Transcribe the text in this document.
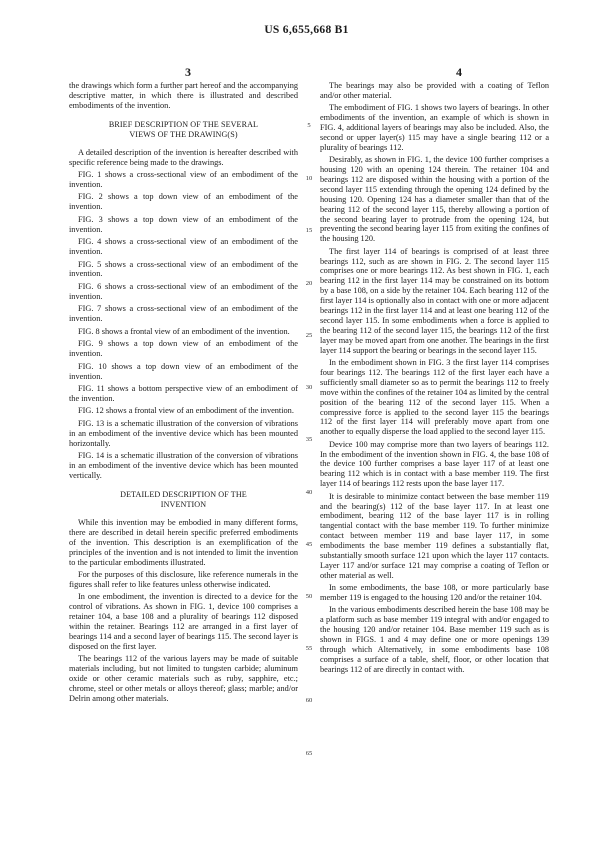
US 6,655,668 B1
3	4
5
10
15
20
25
30
35
40
45
50
55
60
65

the drawings which form a further part hereof and the accompanying descriptive matter, in which there is illustrated and described embodiments of the invention.

BRIEF DESCRIPTION OF THE SEVERAL
VIEWS OF THE DRAWING(S)

A detailed description of the invention is hereafter described with specific reference being made to the drawings.

FIG. 1 shows a cross-sectional view of an embodiment of the invention.

FIG. 2 shows a top down view of an embodiment of the invention.

FIG. 3 shows a top down view of an embodiment of the invention.

FIG. 4 shows a cross-sectional view of an embodiment of the invention.

FIG. 5 shows a cross-sectional view of an embodiment of the invention.

FIG. 6 shows a cross-sectional view of an embodiment of the invention.

FIG. 7 shows a cross-sectional view of an embodiment of the invention.

FIG. 8 shows a frontal view of an embodiment of the invention.

FIG. 9 shows a top down view of an embodiment of the invention.

FIG. 10 shows a top down view of an embodiment of the invention.

FIG. 11 shows a bottom perspective view of an embodiment of the invention.

FIG. 12 shows a frontal view of an embodiment of the invention.

FIG. 13 is a schematic illustration of the conversion of vibrations in an embodiment of the inventive device which has been mounted horizontally.

FIG. 14 is a schematic illustration of the conversion of vibrations in an embodiment of the inventive device which has been mounted vertically.

DETAILED DESCRIPTION OF THE
INVENTION

While this invention may be embodied in many different forms, there are described in detail herein specific preferred embodiments of the invention. This description is an exemplification of the principles of the invention and is not intended to limit the invention to the particular embodiments illustrated.

For the purposes of this disclosure, like reference numerals in the figures shall refer to like features unless otherwise indicated.

In one embodiment, the invention is directed to a device for the control of vibrations. As shown in FIG. 1, device 100 comprises a retainer 104, a base 108 and a plurality of bearings 112 disposed within the retainer. Bearings 112 are arranged in a first layer of bearings 114 and a second layer of bearings 115. The second layer is disposed on the first layer.

The bearings 112 of the various layers may be made of suitable materials including, but not limited to tungsten carbide; aluminum oxide or other ceramic materials such as ruby, sapphire, etc.; chrome, steel or other metals or alloys thereof; glass; marble; and/or Delrin among other materials.

The bearings may also be provided with a coating of Teflon and/or other material.

The embodiment of FIG. 1 shows two layers of bearings. In other embodiments of the invention, an example of which is shown in FIG. 4, additional layers of bearings may also be included. Also, the second or upper layer(s) 115 may have a single bearing 112 or a plurality of bearings 112.

Desirably, as shown in FIG. 1, the device 100 further comprises a housing 120 with an opening 124 therein. The retainer 104 and bearings 112 are disposed within the housing with a portion of the second layer 115 extending through the opening 124 defined by the housing 120. Opening 124 has a diameter smaller than that of the bearing 112 of the second layer 115, thereby allowing a portion of the second bearing layer to protrude from the opening 124, but preventing the second bearing layer 115 from exiting the confines of the housing 120.

The first layer 114 of bearings is comprised of at least three bearings 112, such as are shown in FIG. 2. The second layer 115 comprises one or more bearings 112. As best shown in FIG. 1, each bearing 112 in the first layer 114 may be constrained on its bottom by a base 108, on a side by the retainer 104. Each bearing 112 of the first layer 114 is optionally also in contact with one or more adjacent bearings 112 in the first layer 114 and at least one bearing 112 of the second layer 115. In some embodiments when a force is applied to the bearing 112 of the second layer 115, the bearings 112 of the first layer may be moved apart from one another. The bearings in the first layer 114 support the bearing or bearings in the second layer 115.

In the embodiment shown in FIG. 3 the first layer 114 comprises four bearings 112. The bearings 112 of the first layer each have a sufficiently small diameter so as to permit the bearings 112 to freely move within the confines of the retainer 104 as limited by the central position of the bearing 112 of the second layer 115. When a compressive force is applied to the second layer 115 the bearings 112 of the first layer 114 will preferably move apart from one another to equally disperse the load applied to the second layer 115.

Device 100 may comprise more than two layers of bearings 112. In the embodiment of the invention shown in FIG. 4, the base 108 of the device 100 further comprises a base layer 117 of at least one bearing 112 which is in contact with a base member 119. The first layer 114 of bearings 112 rests upon the base layer 117.

It is desirable to minimize contact between the base member 119 and the bearing(s) 112 of the base layer 117. In at least one embodiment, bearing 112 of the base layer 117 is in rolling tangential contact with the base member 119. To further minimize contact between member 119 and base layer 117, in some embodiments the base member 119 defines a substantially flat, substantially smooth surface 121 upon which the layer 117 contacts. Layer 117 and/or surface 121 may comprise a coating of Teflon or other material as well.

In some embodiments, the base 108, or more particularly base member 119 is engaged to the housing 120 and/or the retainer 104.

In the various embodiments described herein the base 108 may be a platform such as base member 119 integral with and/or engaged to the housing 120 and/or retainer 104. Base member 119 such as is shown in FIGS. 1 and 4 may define one or more openings 139 through which Alternatively, in some embodiments base 108 comprises a surface of a table, shelf, floor, or other location that bearings 112 of are directly in contact with.
